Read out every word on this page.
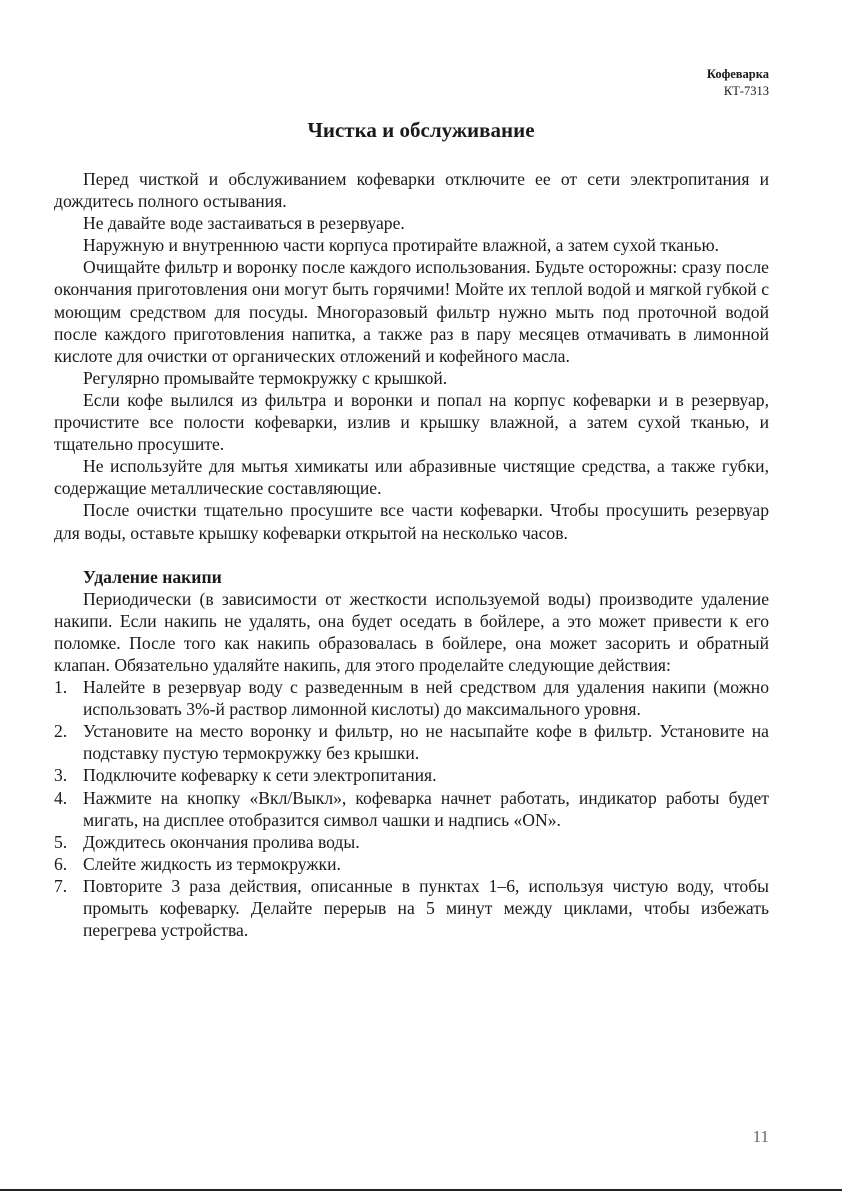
Кофеварка
КТ-7313
Чистка и обслуживание

Перед чисткой и обслуживанием кофеварки отключите ее от сети электропитания и дождитесь полного остывания.

Не давайте воде застаиваться в резервуаре.

Наружную и внутреннюю части корпуса протирайте влажной, а затем сухой тканью.

Очищайте фильтр и воронку после каждого использования. Будьте осторожны: сразу после окончания приготовления они могут быть горячими! Мойте их теплой водой и мягкой губкой с моющим средством для посуды. Многоразовый фильтр нужно мыть под проточной водой после каждого приготовления напитка, а также раз в пару месяцев отмачивать в лимонной кислоте для очистки от органических отложений и кофейного масла.

Регулярно промывайте термокружку с крышкой.

Если кофе вылился из фильтра и воронки и попал на корпус кофеварки и в резервуар, прочистите все полости кофеварки, излив и крышку влажной, а затем сухой тканью, и тщательно просушите.

Не используйте для мытья химикаты или абразивные чистящие средства, а также губки, содержащие металлические составляющие.

После очистки тщательно просушите все части кофеварки. Чтобы просушить резервуар для воды, оставьте крышку кофеварки открытой на несколько часов.

Удаление накипи

Периодически (в зависимости от жесткости используемой воды) производите удаление накипи. Если накипь не удалять, она будет оседать в бойлере, а это может привести к его поломке. После того как накипь образовалась в бойлере, она может засорить и обратный клапан. Обязательно удаляйте накипь, для этого проделайте следующие действия:

1. Налейте в резервуар воду с разведенным в ней средством для удаления накипи (можно использовать 3%-й раствор лимонной кислоты) до максимального уровня.
2. Установите на место воронку и фильтр, но не насыпайте кофе в фильтр. Установите на подставку пустую термокружку без крышки.
3. Подключите кофеварку к сети электропитания.
4. Нажмите на кнопку «Вкл/Выкл», кофеварка начнет работать, индикатор работы будет мигать, на дисплее отобразится символ чашки и надпись «ON».
5. Дождитесь окончания пролива воды.
6. Слейте жидкость из термокружки.
7. Повторите 3 раза действия, описанные в пунктах 1–6, используя чистую воду, чтобы промыть кофеварку. Делайте перерыв на 5 минут между циклами, чтобы избежать перегрева устройства.
11
